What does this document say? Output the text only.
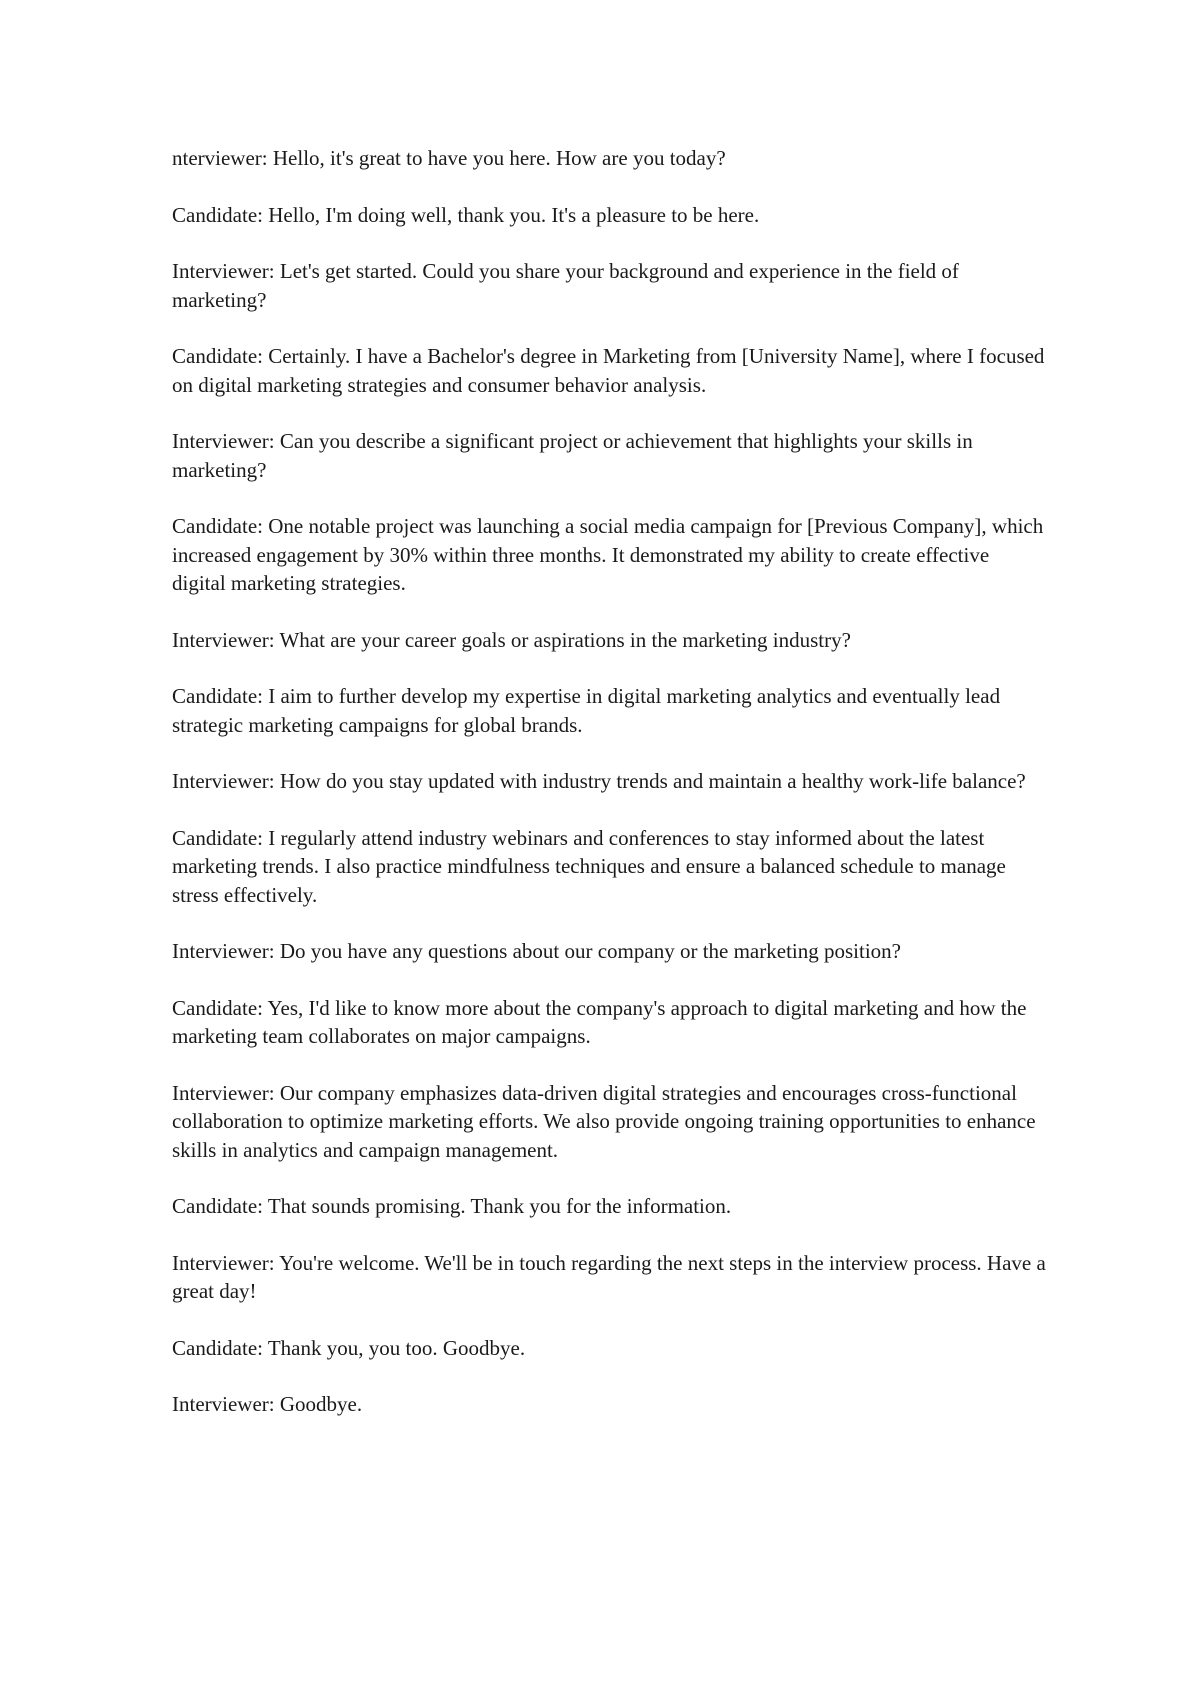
nterviewer: Hello, it's great to have you here. How are you today?

Candidate: Hello, I'm doing well, thank you. It's a pleasure to be here.

Interviewer: Let's get started. Could you share your background and experience in the field of marketing?

Candidate: Certainly. I have a Bachelor's degree in Marketing from [University Name], where I focused on digital marketing strategies and consumer behavior analysis.

Interviewer: Can you describe a significant project or achievement that highlights your skills in marketing?

Candidate: One notable project was launching a social media campaign for [Previous Company], which increased engagement by 30% within three months. It demonstrated my ability to create effective digital marketing strategies.

Interviewer: What are your career goals or aspirations in the marketing industry?

Candidate: I aim to further develop my expertise in digital marketing analytics and eventually lead strategic marketing campaigns for global brands.

Interviewer: How do you stay updated with industry trends and maintain a healthy work-life balance?

Candidate: I regularly attend industry webinars and conferences to stay informed about the latest marketing trends. I also practice mindfulness techniques and ensure a balanced schedule to manage stress effectively.

Interviewer: Do you have any questions about our company or the marketing position?

Candidate: Yes, I'd like to know more about the company's approach to digital marketing and how the marketing team collaborates on major campaigns.

Interviewer: Our company emphasizes data-driven digital strategies and encourages cross-functional collaboration to optimize marketing efforts. We also provide ongoing training opportunities to enhance skills in analytics and campaign management.

Candidate: That sounds promising. Thank you for the information.

Interviewer: You're welcome. We'll be in touch regarding the next steps in the interview process. Have a great day!

Candidate: Thank you, you too. Goodbye.

Interviewer: Goodbye.
